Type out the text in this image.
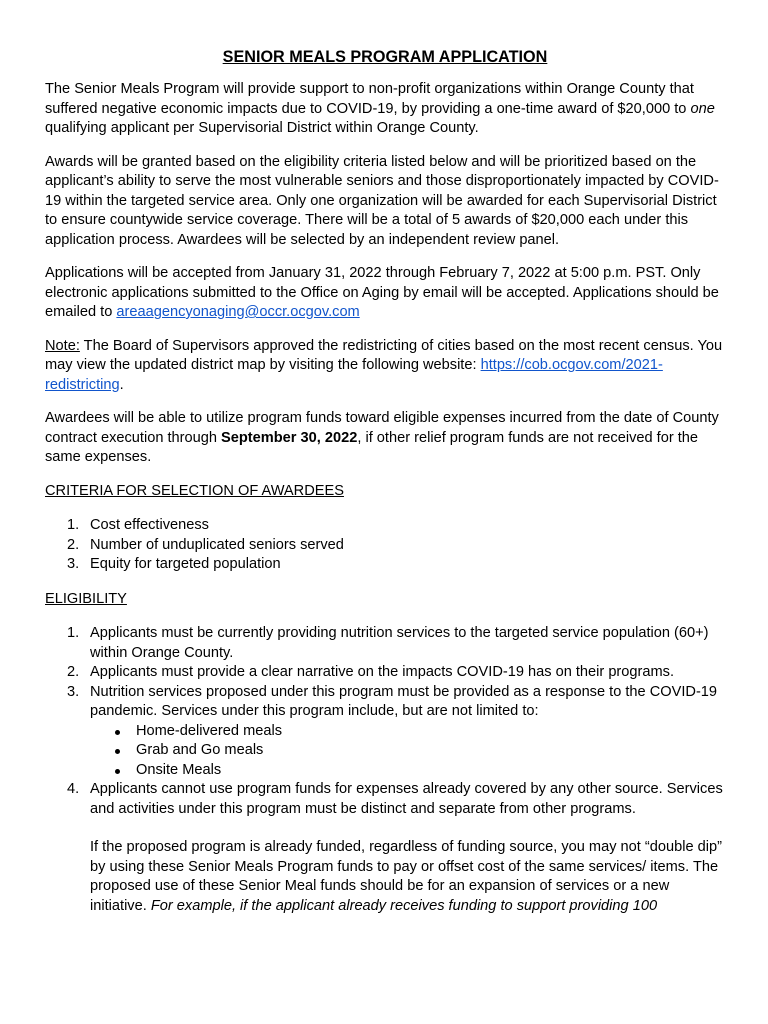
SENIOR MEALS PROGRAM APPLICATION

The Senior Meals Program will provide support to non-profit organizations within Orange County that suffered negative economic impacts due to COVID-19, by providing a one-time award of $20,000 to one qualifying applicant per Supervisorial District within Orange County.

Awards will be granted based on the eligibility criteria listed below and will be prioritized based on the applicant’s ability to serve the most vulnerable seniors and those disproportionately impacted by COVID-19 within the targeted service area. Only one organization will be awarded for each Supervisorial District to ensure countywide service coverage. There will be a total of 5 awards of $20,000 each under this application process. Awardees will be selected by an independent review panel.

Applications will be accepted from January 31, 2022 through February 7, 2022 at 5:00 p.m. PST. Only electronic applications submitted to the Office on Aging by email will be accepted. Applications should be emailed to areaagencyonaging@occr.ocgov.com

Note: The Board of Supervisors approved the redistricting of cities based on the most recent census. You may view the updated district map by visiting the following website: https://cob.ocgov.com/2021-redistricting.

Awardees will be able to utilize program funds toward eligible expenses incurred from the date of County contract execution through September 30, 2022, if other relief program funds are not received for the same expenses.

CRITERIA FOR SELECTION OF AWARDEES
1. Cost effectiveness
2. Number of unduplicated seniors served
3. Equity for targeted population
ELIGIBILITY
1. Applicants must be currently providing nutrition services to the targeted service population (60+) within Orange County.
2. Applicants must provide a clear narrative on the impacts COVID-19 has on their programs.
3. Nutrition services proposed under this program must be provided as a response to the COVID-19 pandemic. Services under this program include, but are not limited to:
Home-delivered meals
Grab and Go meals
Onsite Meals
4. Applicants cannot use program funds for expenses already covered by any other source. Services and activities under this program must be distinct and separate from other programs.
If the proposed program is already funded, regardless of funding source, you may not “double dip” by using these Senior Meals Program funds to pay or offset cost of the same services/ items. The proposed use of these Senior Meal funds should be for an expansion of services or a new initiative. For example, if the applicant already receives funding to support providing 100
